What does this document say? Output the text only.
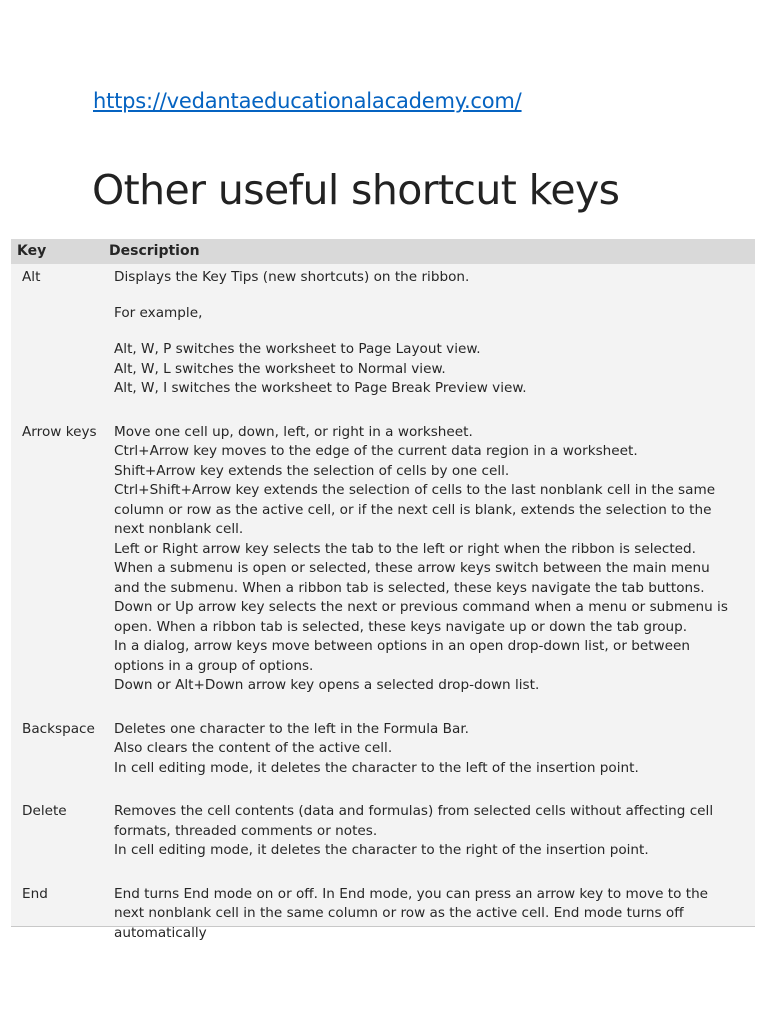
https://vedantaeducationalacademy.com/
Other useful shortcut keys
Key	Description
Alt	Displays the Key Tips (new shortcuts) on the ribbon.
For example,
Alt, W, P switches the worksheet to Page Layout view.
Alt, W, L switches the worksheet to Normal view.
Alt, W, I switches the worksheet to Page Break Preview view.
Arrow keys	Move one cell up, down, left, or right in a worksheet.
Ctrl+Arrow key moves to the edge of the current data region in a worksheet.
Shift+Arrow key extends the selection of cells by one cell.
Ctrl+Shift+Arrow key extends the selection of cells to the last nonblank cell in the same column or row as the active cell, or if the next cell is blank, extends the selection to the next nonblank cell.
Left or Right arrow key selects the tab to the left or right when the ribbon is selected. When a submenu is open or selected, these arrow keys switch between the main menu and the submenu. When a ribbon tab is selected, these keys navigate the tab buttons.
Down or Up arrow key selects the next or previous command when a menu or submenu is open. When a ribbon tab is selected, these keys navigate up or down the tab group.
In a dialog, arrow keys move between options in an open drop-down list, or between options in a group of options.
Down or Alt+Down arrow key opens a selected drop-down list.
Backspace	Deletes one character to the left in the Formula Bar.
Also clears the content of the active cell.
In cell editing mode, it deletes the character to the left of the insertion point.
Delete	Removes the cell contents (data and formulas) from selected cells without affecting cell formats, threaded comments or notes.
In cell editing mode, it deletes the character to the right of the insertion point.
End	End turns End mode on or off. In End mode, you can press an arrow key to move to the next nonblank cell in the same column or row as the active cell. End mode turns off automatically
